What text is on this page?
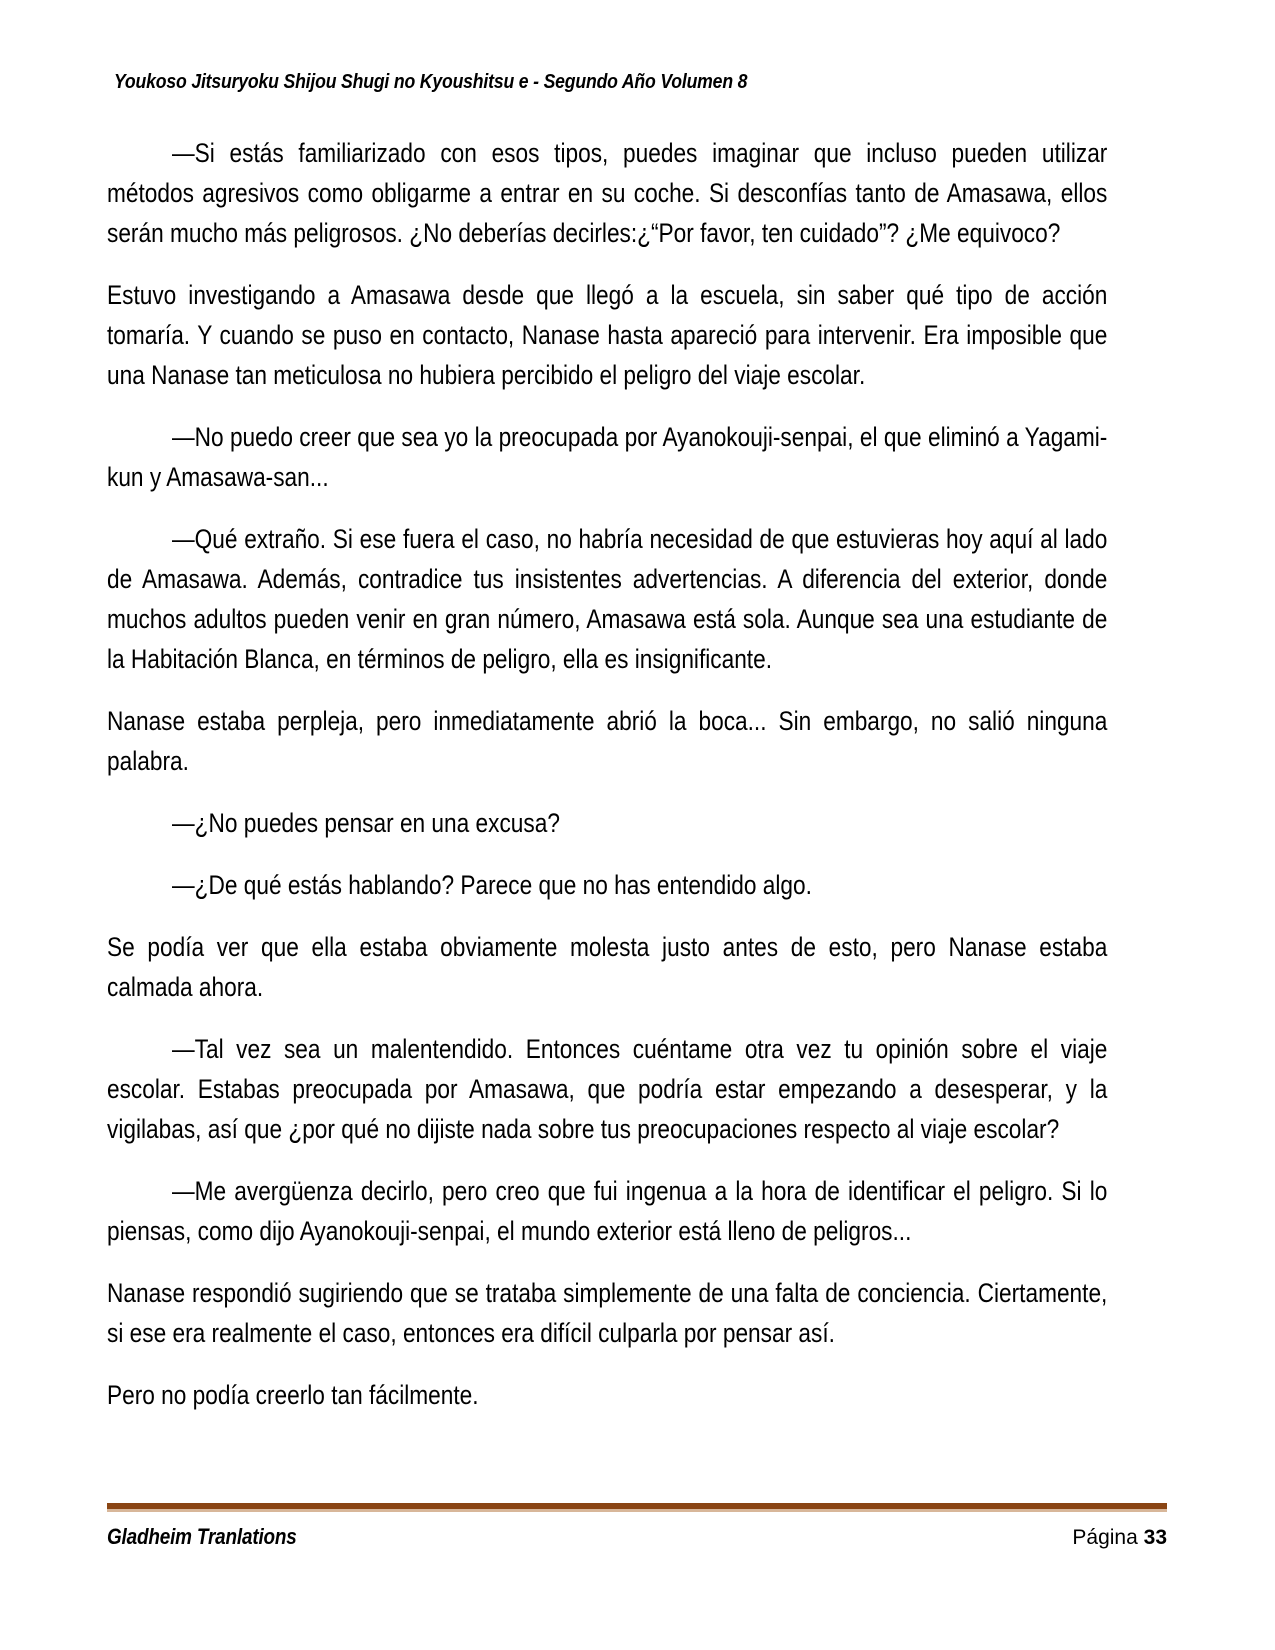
Youkoso Jitsuryoku Shijou Shugi no Kyoushitsu e - Segundo Año Volumen 8

—Si estás familiarizado con esos tipos, puedes imaginar que incluso pueden utilizar métodos agresivos como obligarme a entrar en su coche. Si desconfías tanto de Amasawa, ellos serán mucho más peligrosos. ¿No deberías decirles:¿“Por favor, ten cuidado”? ¿Me equivoco?

Estuvo investigando a Amasawa desde que llegó a la escuela, sin saber qué tipo de acción tomaría. Y cuando se puso en contacto, Nanase hasta apareció para intervenir. Era imposible que una Nanase tan meticulosa no hubiera percibido el peligro del viaje escolar.

—No puedo creer que sea yo la preocupada por Ayanokouji-senpai, el que eliminó a Yagami-kun y Amasawa-san...

—Qué extraño. Si ese fuera el caso, no habría necesidad de que estuvieras hoy aquí al lado de Amasawa. Además, contradice tus insistentes advertencias. A diferencia del exterior, donde muchos adultos pueden venir en gran número, Amasawa está sola. Aunque sea una estudiante de la Habitación Blanca, en términos de peligro, ella es insignificante.

Nanase estaba perpleja, pero inmediatamente abrió la boca... Sin embargo, no salió ninguna palabra.

—¿No puedes pensar en una excusa?

—¿De qué estás hablando? Parece que no has entendido algo.

Se podía ver que ella estaba obviamente molesta justo antes de esto, pero Nanase estaba calmada ahora.

—Tal vez sea un malentendido. Entonces cuéntame otra vez tu opinión sobre el viaje escolar. Estabas preocupada por Amasawa, que podría estar empezando a desesperar, y la vigilabas, así que ¿por qué no dijiste nada sobre tus preocupaciones respecto al viaje escolar?

—Me avergüenza decirlo, pero creo que fui ingenua a la hora de identificar el peligro. Si lo piensas, como dijo Ayanokouji-senpai, el mundo exterior está lleno de peligros...

Nanase respondió sugiriendo que se trataba simplemente de una falta de conciencia. Ciertamente, si ese era realmente el caso, entonces era difícil culparla por pensar así.

Pero no podía creerlo tan fácilmente.

Gladheim Tranlations	Página 33
